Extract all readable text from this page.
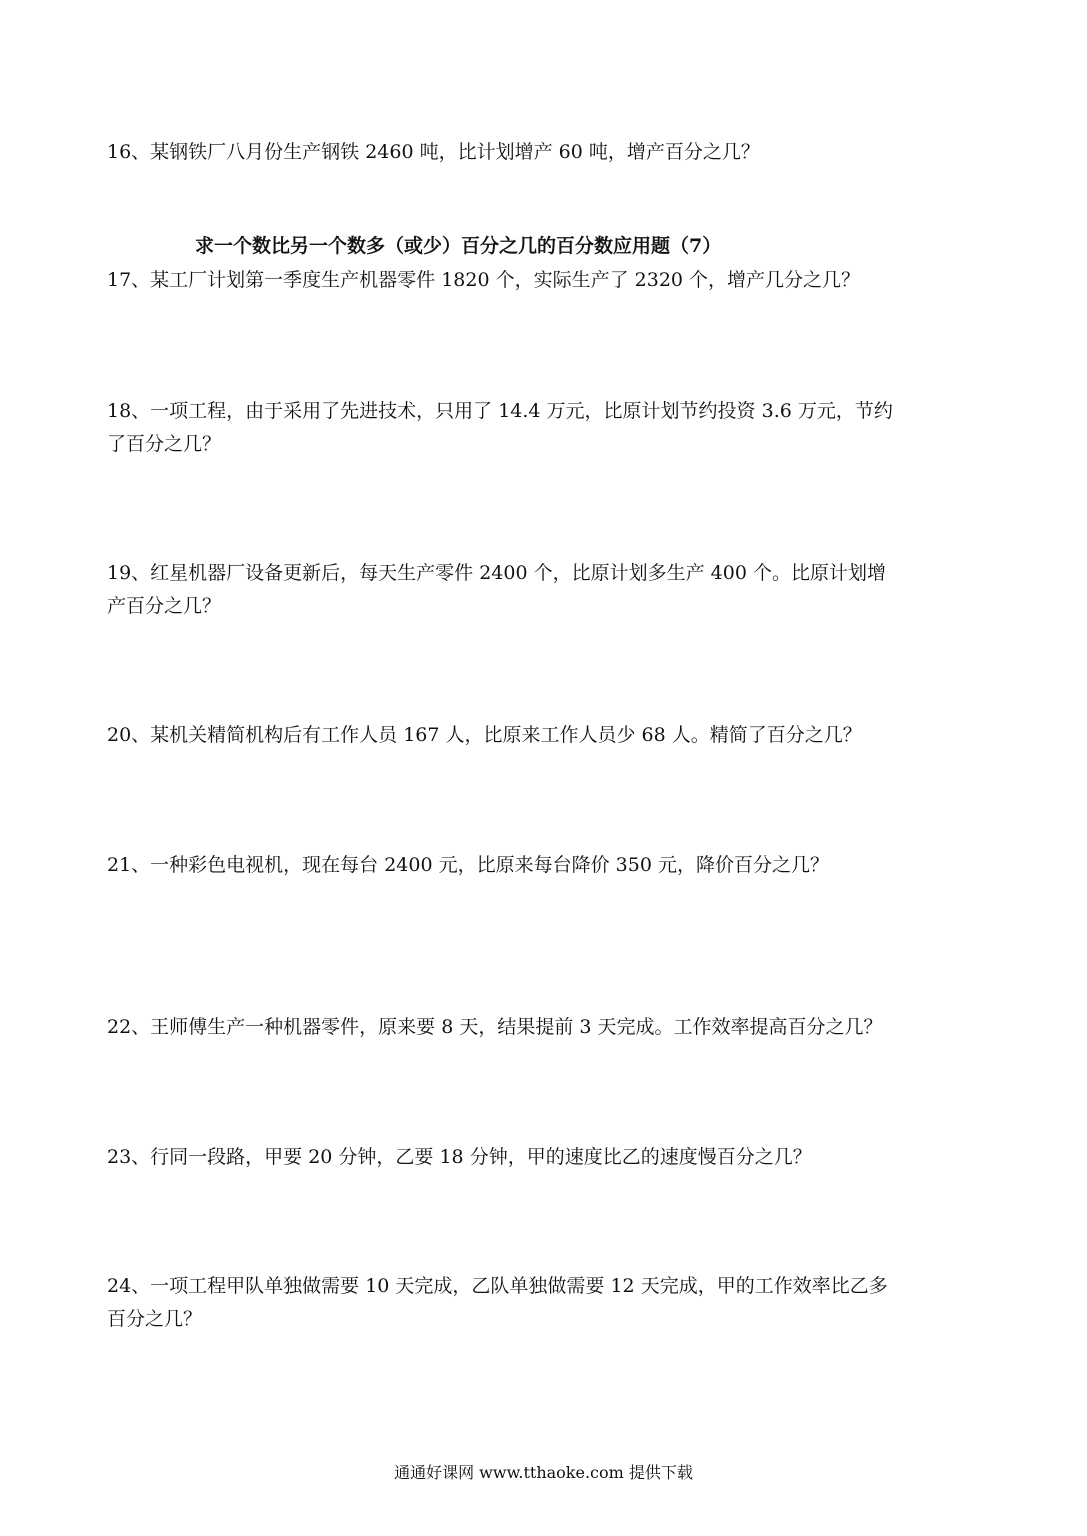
16、某钢铁厂八月份生产钢铁 2460 吨，比计划增产 60 吨，增产百分之几？
求一个数比另一个数多（或少）百分之几的百分数应用题（7）
17、某工厂计划第一季度生产机器零件 1820 个，实际生产了 2320 个，增产几分之几？
18、一项工程，由于采用了先进技术，只用了 14.4 万元，比原计划节约投资 3.6 万元，节约
了百分之几？
19、红星机器厂设备更新后，每天生产零件 2400 个，比原计划多生产 400 个。比原计划增
产百分之几？
20、某机关精简机构后有工作人员 167 人，比原来工作人员少 68 人。精简了百分之几？
21、一种彩色电视机，现在每台 2400 元，比原来每台降价 350 元，降价百分之几？
22、王师傅生产一种机器零件，原来要 8 天，结果提前 3 天完成。工作效率提高百分之几？
23、行同一段路，甲要 20 分钟，乙要 18 分钟，甲的速度比乙的速度慢百分之几？
24、一项工程甲队单独做需要 10 天完成，乙队单独做需要 12 天完成，甲的工作效率比乙多
百分之几？
通通好课网 www.tthaoke.com 提供下载
